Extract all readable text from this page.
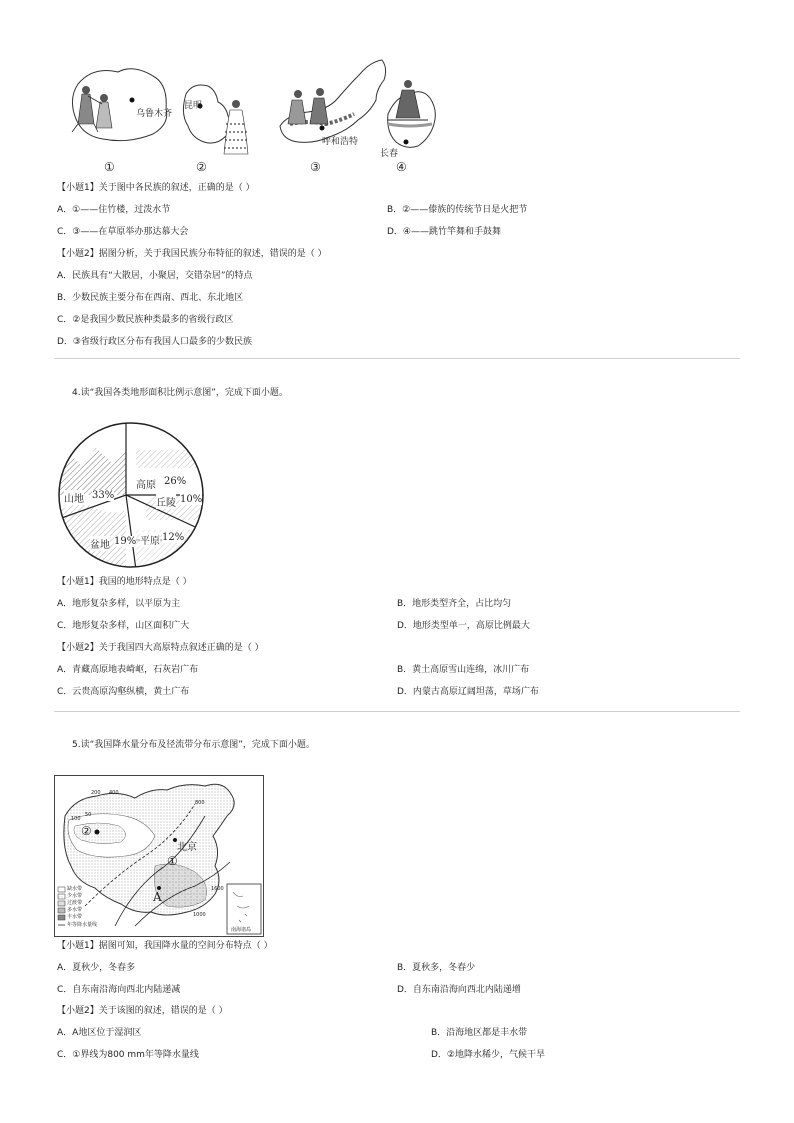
乌鲁木齐
昆明
呼和浩特
长春
①	②	③	④
【小题1】关于图中各民族的叙述，正确的是（ ）
A．①——住竹楼，过泼水节	B．②——傣族的传统节日是火把节
C．③——在草原举办那达慕大会	D．④——跳竹竿舞和手鼓舞
【小题2】据图分析，关于我国民族分布特征的叙述，错误的是（ ）
A．民族具有“大散居，小聚居，交错杂居”的特点
B．少数民族主要分布在西南、西北、东北地区
C．②是我国少数民族种类最多的省级行政区
D．③省级行政区分布有我国人口最多的少数民族
4.读“我国各类地形面积比例示意图”，完成下面小题。
高原 26%
丘陵 10%
山地 33%
平原 12%
盆地 19%
【小题1】我国的地形特点是（ ）
A．地形复杂多样，以平原为主	B．地形类型齐全，占比均匀
C．地形复杂多样，山区面积广大	D．地形类型单一，高原比例最大
【小题2】关于我国四大高原特点叙述正确的是（ ）
A．青藏高原地表崎岖，石灰岩广布	B．黄土高原雪山连绵，冰川广布
C．云贵高原沟壑纵横，黄土广布	D．内蒙古高原辽阔坦荡，草场广布
5.读“我国降水量分布及径流带分布示意图”，完成下面小题。
②
①
北京
A
缺水带
少水带
过渡带
多水带
丰水带
年等降水量线
200 400
800
1600
50
100
1000
南海诸岛
【小题1】据图可知，我国降水量的空间分布特点（ ）
A．夏秋少，冬春多	B．夏秋多，冬春少
C．自东南沿海向西北内陆递减	D．自东南沿海向西北内陆递增
【小题2】关于该图的叙述，错误的是（ ）
A．A地区位于湿润区	B．沿海地区都是丰水带
C．①界线为800 mm年等降水量线	D．②地降水稀少，气候干旱
